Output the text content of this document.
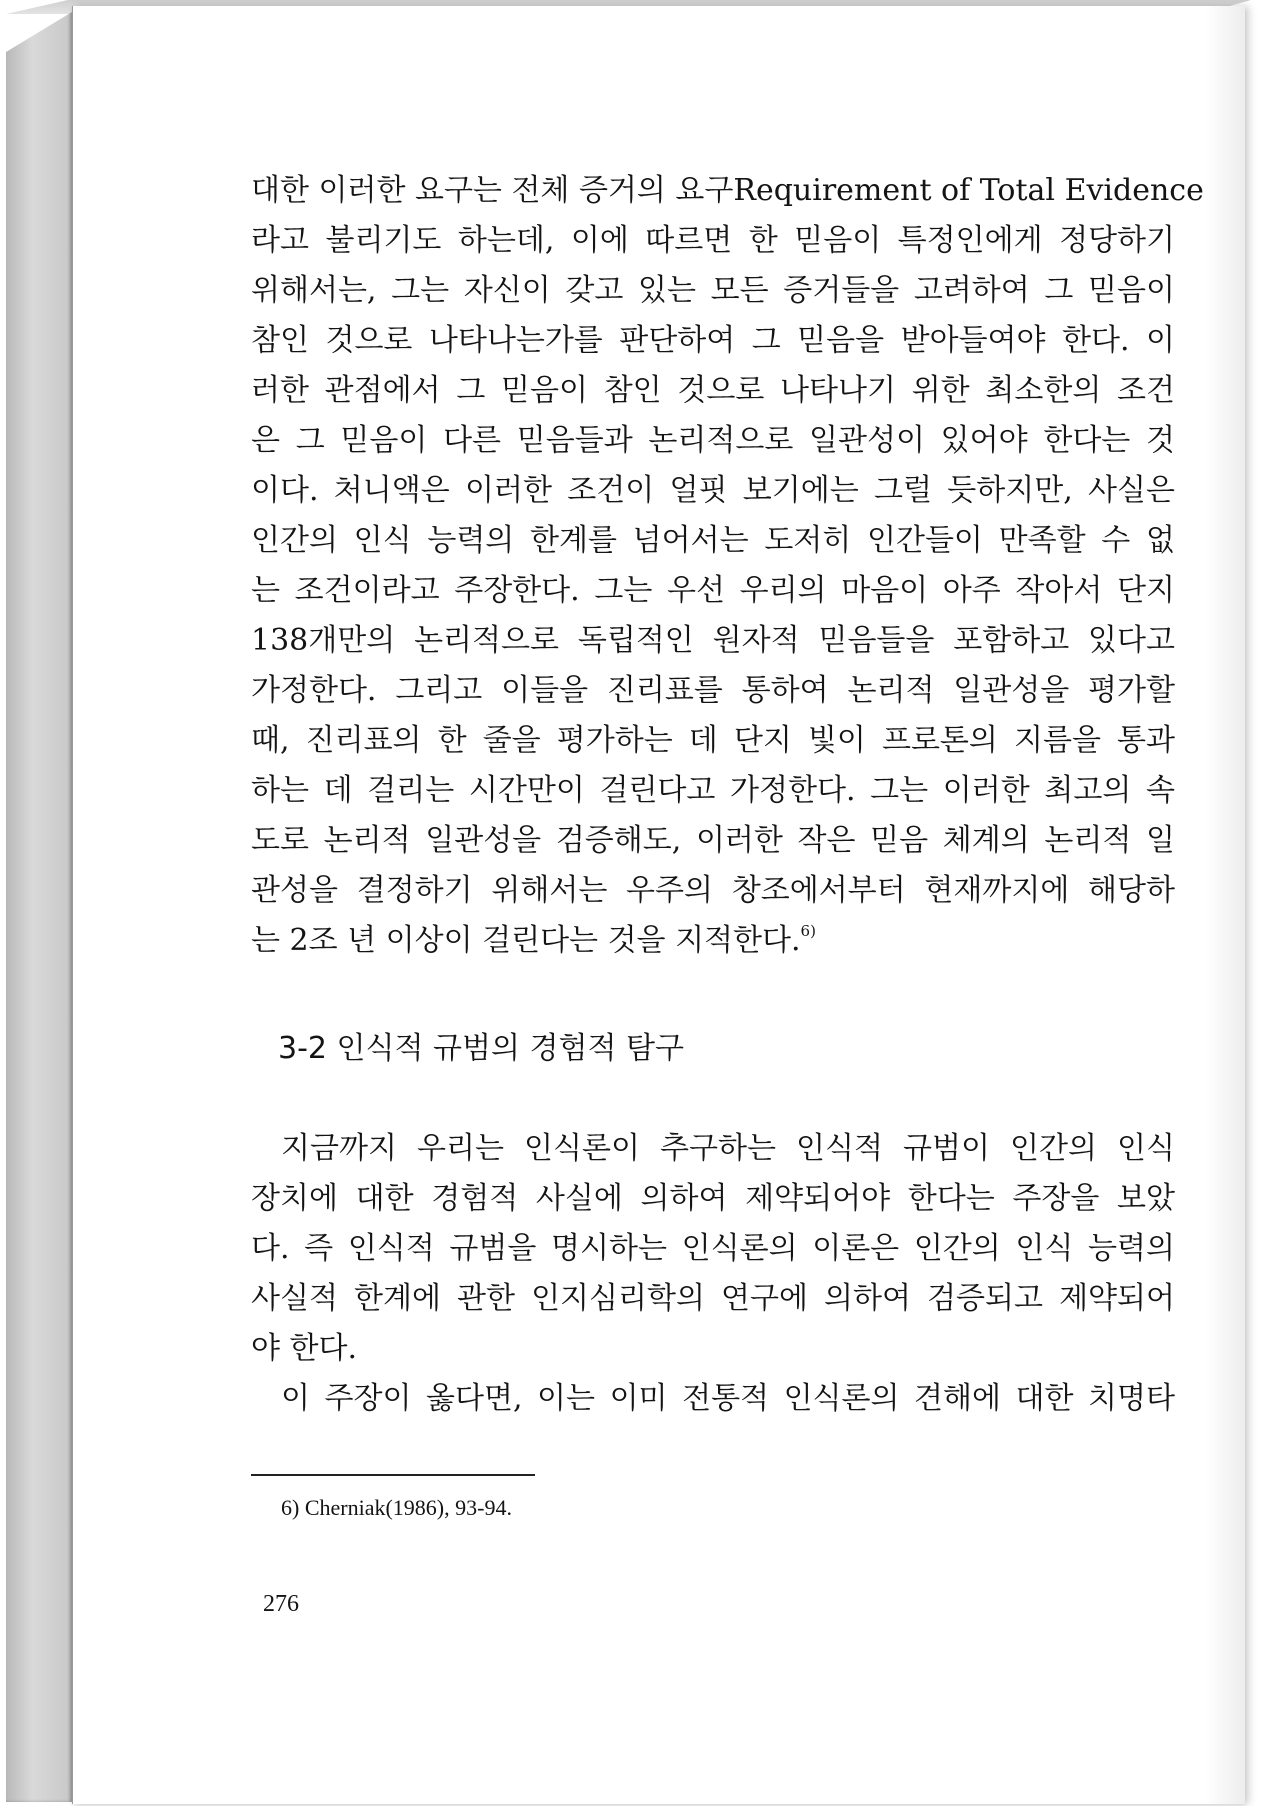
대한 이러한 요구는 전체 증거의 요구Requirement of Total Evidence
라고 불리기도 하는데, 이에 따르면 한 믿음이 특정인에게 정당하기
위해서는, 그는 자신이 갖고 있는 모든 증거들을 고려하여 그 믿음이
참인 것으로 나타나는가를 판단하여 그 믿음을 받아들여야 한다. 이
러한 관점에서 그 믿음이 참인 것으로 나타나기 위한 최소한의 조건
은 그 믿음이 다른 믿음들과 논리적으로 일관성이 있어야 한다는 것
이다. 처니액은 이러한 조건이 얼핏 보기에는 그럴 듯하지만, 사실은
인간의 인식 능력의 한계를 넘어서는 도저히 인간들이 만족할 수 없
는 조건이라고 주장한다. 그는 우선 우리의 마음이 아주 작아서 단지
138개만의 논리적으로 독립적인 원자적 믿음들을 포함하고 있다고
가정한다. 그리고 이들을 진리표를 통하여 논리적 일관성을 평가할
때, 진리표의 한 줄을 평가하는 데 단지 빛이 프로톤의 지름을 통과
하는 데 걸리는 시간만이 걸린다고 가정한다. 그는 이러한 최고의 속
도로 논리적 일관성을 검증해도, 이러한 작은 믿음 체계의 논리적 일
관성을 결정하기 위해서는 우주의 창조에서부터 현재까지에 해당하
는 2조 년 이상이 걸린다는 것을 지적한다.$^{6)}$
3-2 인식적 규범의 경험적 탐구
지금까지 우리는 인식론이 추구하는 인식적 규범이 인간의 인식
장치에 대한 경험적 사실에 의하여 제약되어야 한다는 주장을 보았
다. 즉 인식적 규범을 명시하는 인식론의 이론은 인간의 인식 능력의
사실적 한계에 관한 인지심리학의 연구에 의하여 검증되고 제약되어
야 한다.
이 주장이 옳다면, 이는 이미 전통적 인식론의 견해에 대한 치명타
6) Cherniak(1986), 93-94.
276
